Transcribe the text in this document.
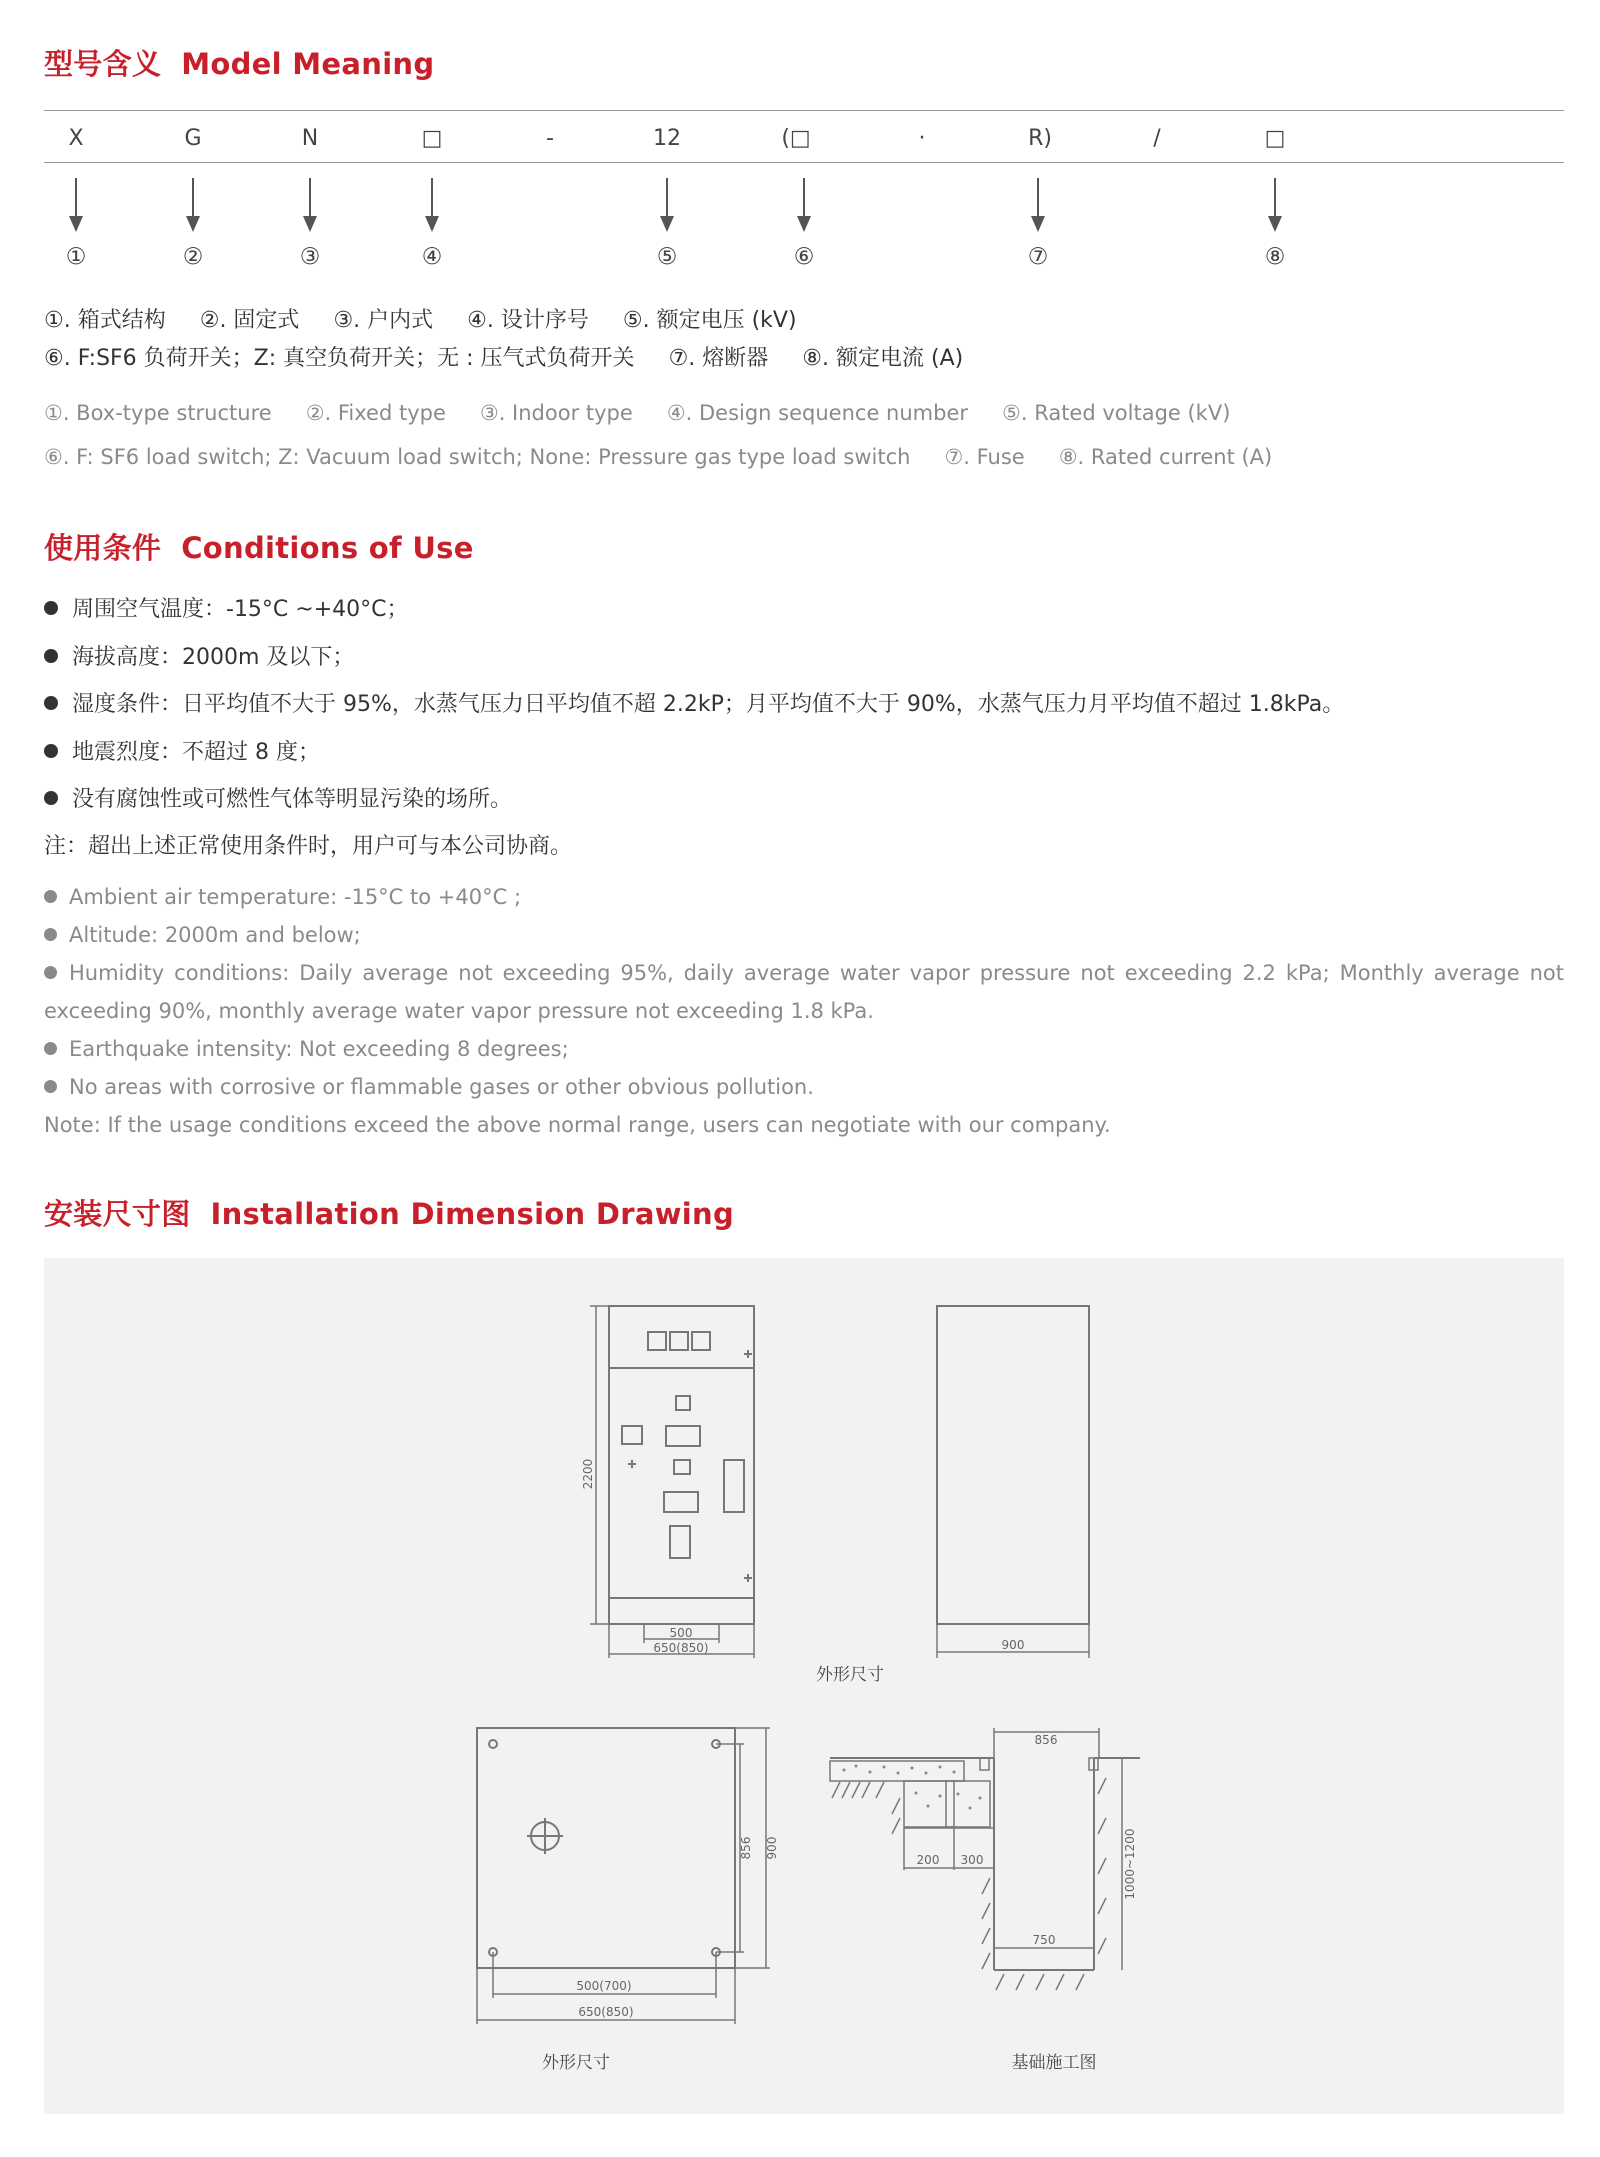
型号含义 Model Meaning
X	G	N	□	-	12	(□	·	R)	/	□
①	②	③	④	⑤	⑥	⑦	⑧
①. 箱式结构 ②. 固定式 ③. 户内式 ④. 设计序号 ⑤. 额定电压 (kV)
⑥. F:SF6 负荷开关；Z: 真空负荷开关；无 : 压气式负荷开关 ⑦. 熔断器 ⑧. 额定电流 (A)
①. Box-type structure ②. Fixed type ③. Indoor type ④. Design sequence number ⑤. Rated voltage (kV)
⑥. F: SF6 load switch; Z: Vacuum load switch; None: Pressure gas type load switch ⑦. Fuse ⑧. Rated current (A)
使用条件 Conditions of Use
周围空气温度：-15°C ~+40°C；
海拔高度：2000m 及以下；
湿度条件：日平均值不大于 95%，水蒸气压力日平均值不超 2.2kP；月平均值不大于 90%，水蒸气压力月平均值不超过 1.8kPa。
地震烈度：不超过 8 度；
没有腐蚀性或可燃性气体等明显污染的场所。
注：超出上述正常使用条件时，用户可与本公司协商。
Ambient air temperature: -15°C to +40°C ;
Altitude: 2000m and below;
Humidity conditions: Daily average not exceeding 95%, daily average water vapor pressure not exceeding 2.2 kPa; Monthly average not exceeding 90%, monthly average water vapor pressure not exceeding 1.8 kPa.
Earthquake intensity: Not exceeding 8 degrees;
No areas with corrosive or flammable gases or other obvious pollution.
Note: If the usage conditions exceed the above normal range, users can negotiate with our company.
安装尺寸图 Installation Dimension Drawing
2200
500
650(850)	900
856 900
500(700)
650(850)
856
200 300
750
1000~1200
外形尺寸
外形尺寸	基础施工图
